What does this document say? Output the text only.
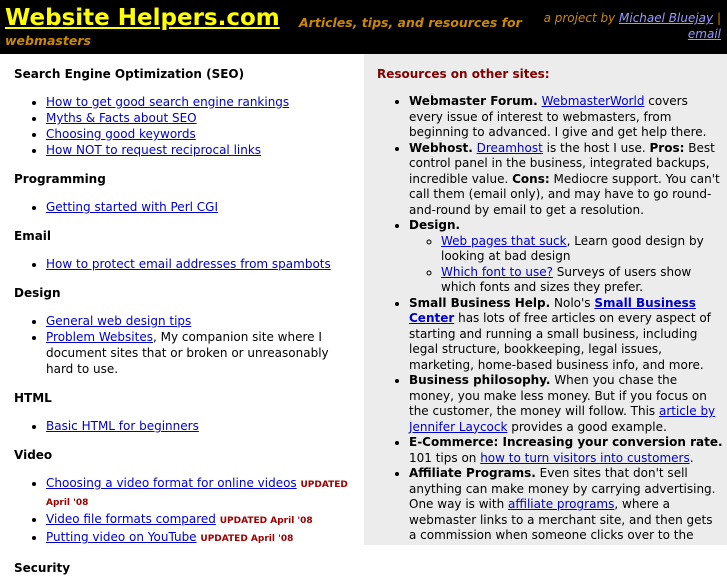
Website Helpers.com	Articles, tips, and resources for webmasters
a project by Michael Bluejay |
email
Search Engine Optimization (SEO)
• How to get good search engine rankings
• Myths & Facts about SEO
• Choosing good keywords
• How NOT to request reciprocal links
Programming
• Getting started with Perl CGI
Email
• How to protect email addresses from spambots
Design
• General web design tips
• Problem Websites, My companion site where I document sites that or broken or unreasonably hard to use.
HTML
• Basic HTML for beginners
Video
• Choosing a video format for online videos UPDATED April '08
• Video file formats compared UPDATED April '08
• Putting video on YouTube UPDATED April '08
Security
Resources on other sites:
• Webmaster Forum. WebmasterWorld covers every issue of interest to webmasters, from beginning to advanced. I give and get help there.
• Webhost. Dreamhost is the host I use. Pros: Best control panel in the business, integrated backups, incredible value. Cons: Mediocre support. You can't call them (email only), and may have to go round-and-round by email to get a resolution.
• Design.
◦ Web pages that suck, Learn good design by looking at bad design
◦ Which font to use? Surveys of users show which fonts and sizes they prefer.
• Small Business Help. Nolo's Small Business Center has lots of free articles on every aspect of starting and running a small business, including legal structure, bookkeeping, legal issues, marketing, home-based business info, and more.
• Business philosophy. When you chase the money, you make less money. But if you focus on the customer, the money will follow. This article by Jennifer Laycock provides a good example.
• E-Commerce: Increasing your conversion rate. 101 tips on how to turn visitors into customers.
• Affiliate Programs. Even sites that don't sell anything can make money by carrying advertising. One way is with affiliate programs, where a webmaster links to a merchant site, and then gets a commission when someone clicks over to the
